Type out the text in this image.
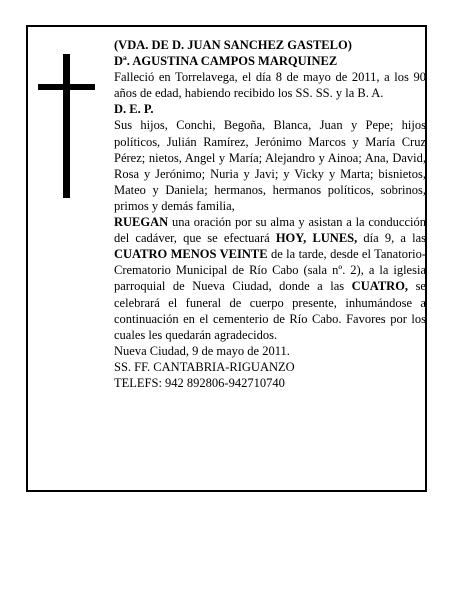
(VDA. DE D. JUAN SANCHEZ GASTELO)

Dª. AGUSTINA CAMPOS MARQUINEZ

Falleció en Torrelavega, el día 8 de mayo de 2011, a los 90 años de edad, habiendo recibido los SS. SS. y la B. A.

D. E. P.

Sus hijos, Conchi, Begoña, Blanca, Juan y Pepe; hijos políticos, Julián Ramírez, Jerónimo Marcos y María Cruz Pérez; nietos, Angel y María; Alejandro y Ainoa; Ana, David, Rosa y Jerónimo; Nuria y Javi; y Vicky y Marta; bisnietos, Mateo y Daniela; hermanos, hermanos políticos, sobrinos, primos y demás familia,

RUEGAN una oración por su alma y asistan a la conducción del cadáver, que se efectuará HOY, LUNES, día 9, a las CUATRO MENOS VEINTE de la tarde, desde el Tanatorio-Crematorio Municipal de Río Cabo (sala nº. 2), a la iglesia parroquial de Nueva Ciudad, donde a las CUATRO, se celebrará el funeral de cuerpo presente, inhumándose a continuación en el cementerio de Río Cabo. Favores por los cuales les quedarán agradecidos.

Nueva Ciudad, 9 de mayo de 2011.

SS. FF. CANTABRIA-RIGUANZO

TELEFS: 942 892806-942710740
